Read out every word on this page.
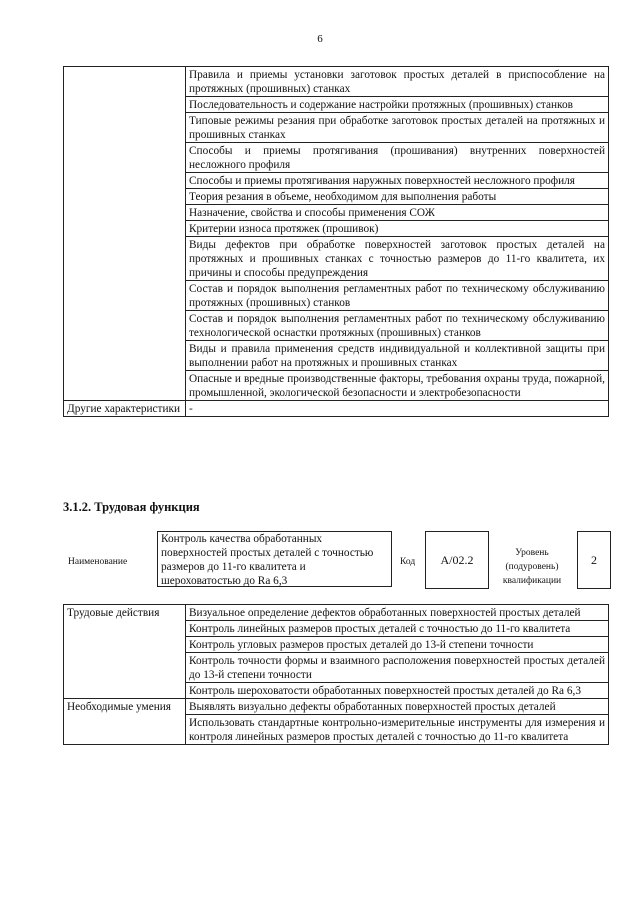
6
	Правила и приемы установки заготовок простых деталей в приспособление на протяжных (прошивных) станках
	Последовательность и содержание настройки протяжных (прошивных) станков
	Типовые режимы резания при обработке заготовок простых деталей на протяжных и прошивных станках
	Способы и приемы протягивания (прошивания) внутренних поверхностей несложного профиля
	Способы и приемы протягивания наружных поверхностей несложного профиля
	Теория резания в объеме, необходимом для выполнения работы
	Назначение, свойства и способы применения СОЖ
	Критерии износа протяжек (прошивок)
	Виды дефектов при обработке поверхностей заготовок простых деталей на протяжных и прошивных станках с точностью размеров до 11-го квалитета, их причины и способы предупреждения
	Состав и порядок выполнения регламентных работ по техническому обслуживанию протяжных (прошивных) станков
	Состав и порядок выполнения регламентных работ по техническому обслуживанию технологической оснастки протяжных (прошивных) станков
	Виды и правила применения средств индивидуальной и коллективной защиты при выполнении работ на протяжных и прошивных станках
	Опасные и вредные производственные факторы, требования охраны труда, пожарной, промышленной, экологической безопасности и электробезопасности
Другие характеристики	-
3.1.2. Трудовая функция
Наименование
Контроль качества обработанных поверхностей простых деталей с точностью размеров до 11-го квалитета и шероховатостью до Ra 6,3
Код A/02.2	Уровень (подуровень) квалификации
2
Трудовые действия	Визуальное определение дефектов обработанных поверхностей простых деталей
	Контроль линейных размеров простых деталей с точностью до 11-го квалитета
	Контроль угловых размеров простых деталей до 13-й степени точности
	Контроль точности формы и взаимного расположения поверхностей простых деталей до 13-й степени точности
	Контроль шероховатости обработанных поверхностей простых деталей до Ra 6,3
Необходимые умения	Выявлять визуально дефекты обработанных поверхностей простых деталей
	Использовать стандартные контрольно-измерительные инструменты для измерения и контроля линейных размеров простых деталей с точностью до 11-го квалитета
